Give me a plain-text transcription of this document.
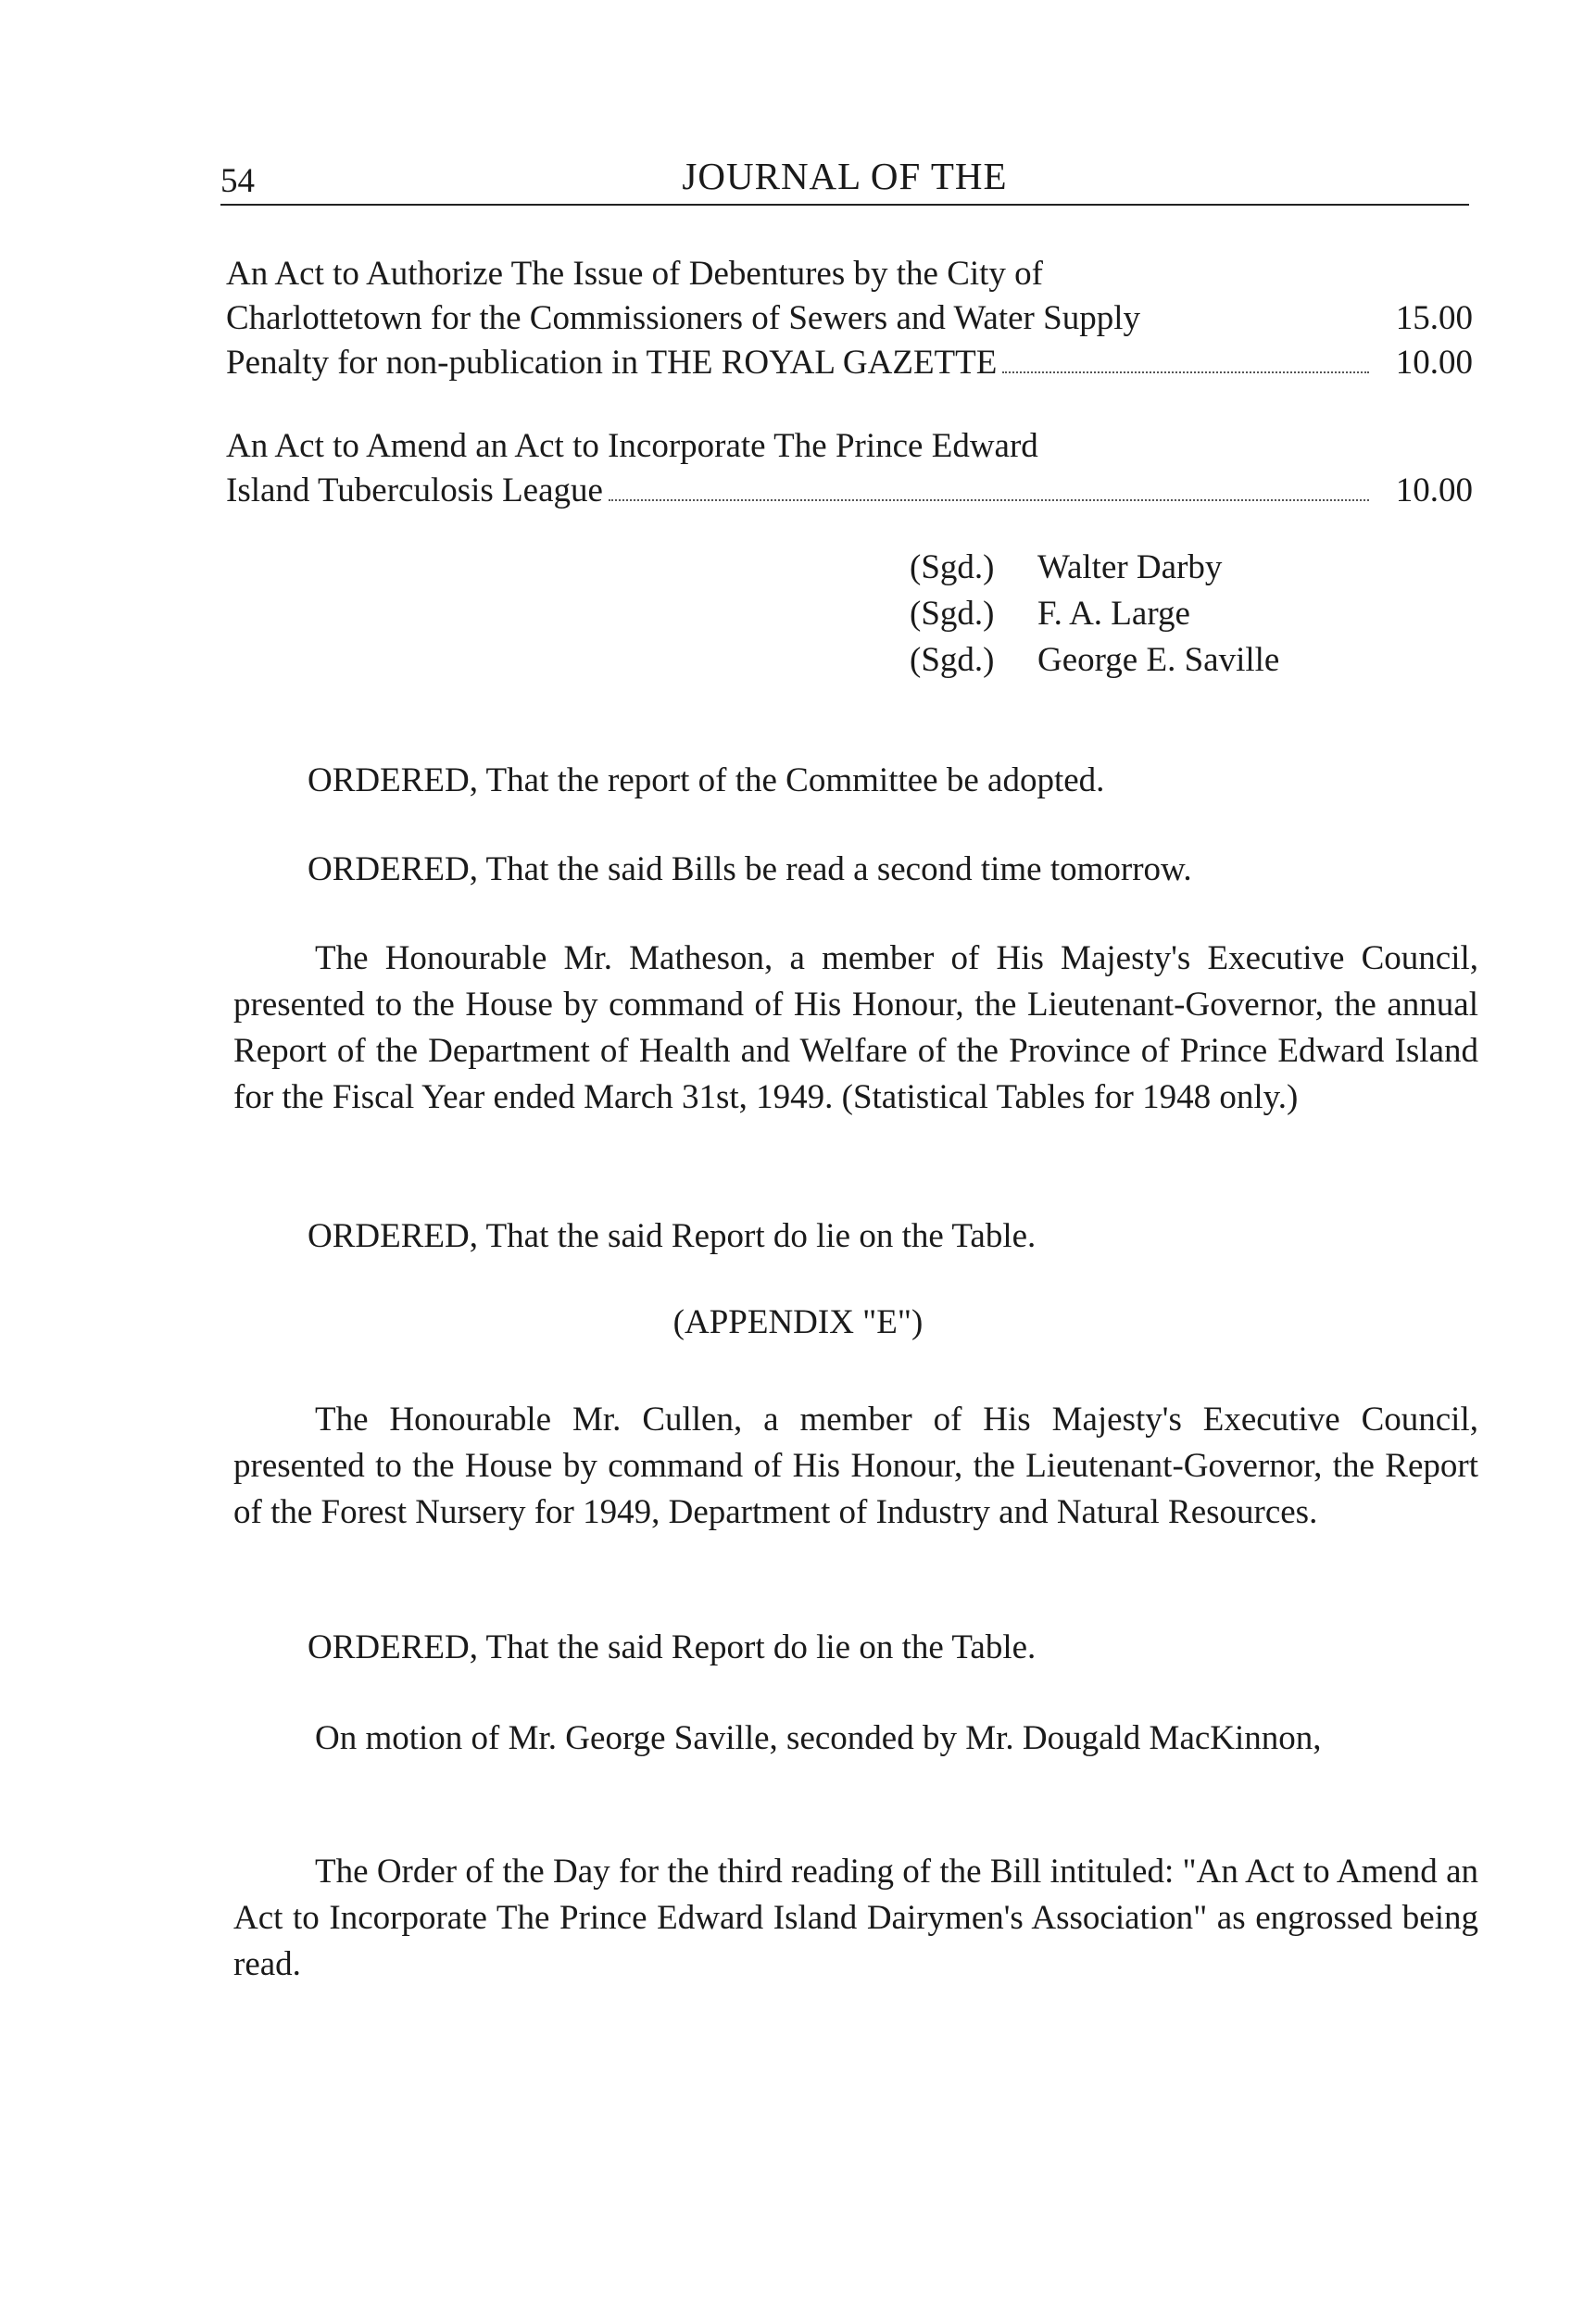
54	JOURNAL OF THE
An Act to Authorize The Issue of Debentures by the City of
Charlottetown for the Commissioners of Sewers and Water Supply	15.00
Penalty for non-publication in THE ROYAL GAZETTE	10.00
An Act to Amend an Act to Incorporate The Prince Edward
Island Tuberculosis League	10.00
(Sgd.) Walter Darby
(Sgd.) F. A. Large
(Sgd.) George E. Saville
ORDERED, That the report of the Committee be adopted.
ORDERED, That the said Bills be read a second time tomorrow.
The Honourable Mr. Matheson, a member of His Majesty's Executive Council, presented to the House by command of His Honour, the Lieutenant-Governor, the annual Report of the Department of Health and Welfare of the Province of Prince Edward Island for the Fiscal Year ended March 31st, 1949. (Statistical Tables for 1948 only.)
ORDERED, That the said Report do lie on the Table.
(APPENDIX "E")
The Honourable Mr. Cullen, a member of His Majesty's Executive Council, presented to the House by command of His Honour, the Lieutenant-Governor, the Report of the Forest Nursery for 1949, Department of Industry and Natural Resources.
ORDERED, That the said Report do lie on the Table.
On motion of Mr. George Saville, seconded by Mr. Dougald MacKinnon,
The Order of the Day for the third reading of the Bill intituled: "An Act to Amend an Act to Incorporate The Prince Edward Island Dairymen's Association" as engrossed being read.
